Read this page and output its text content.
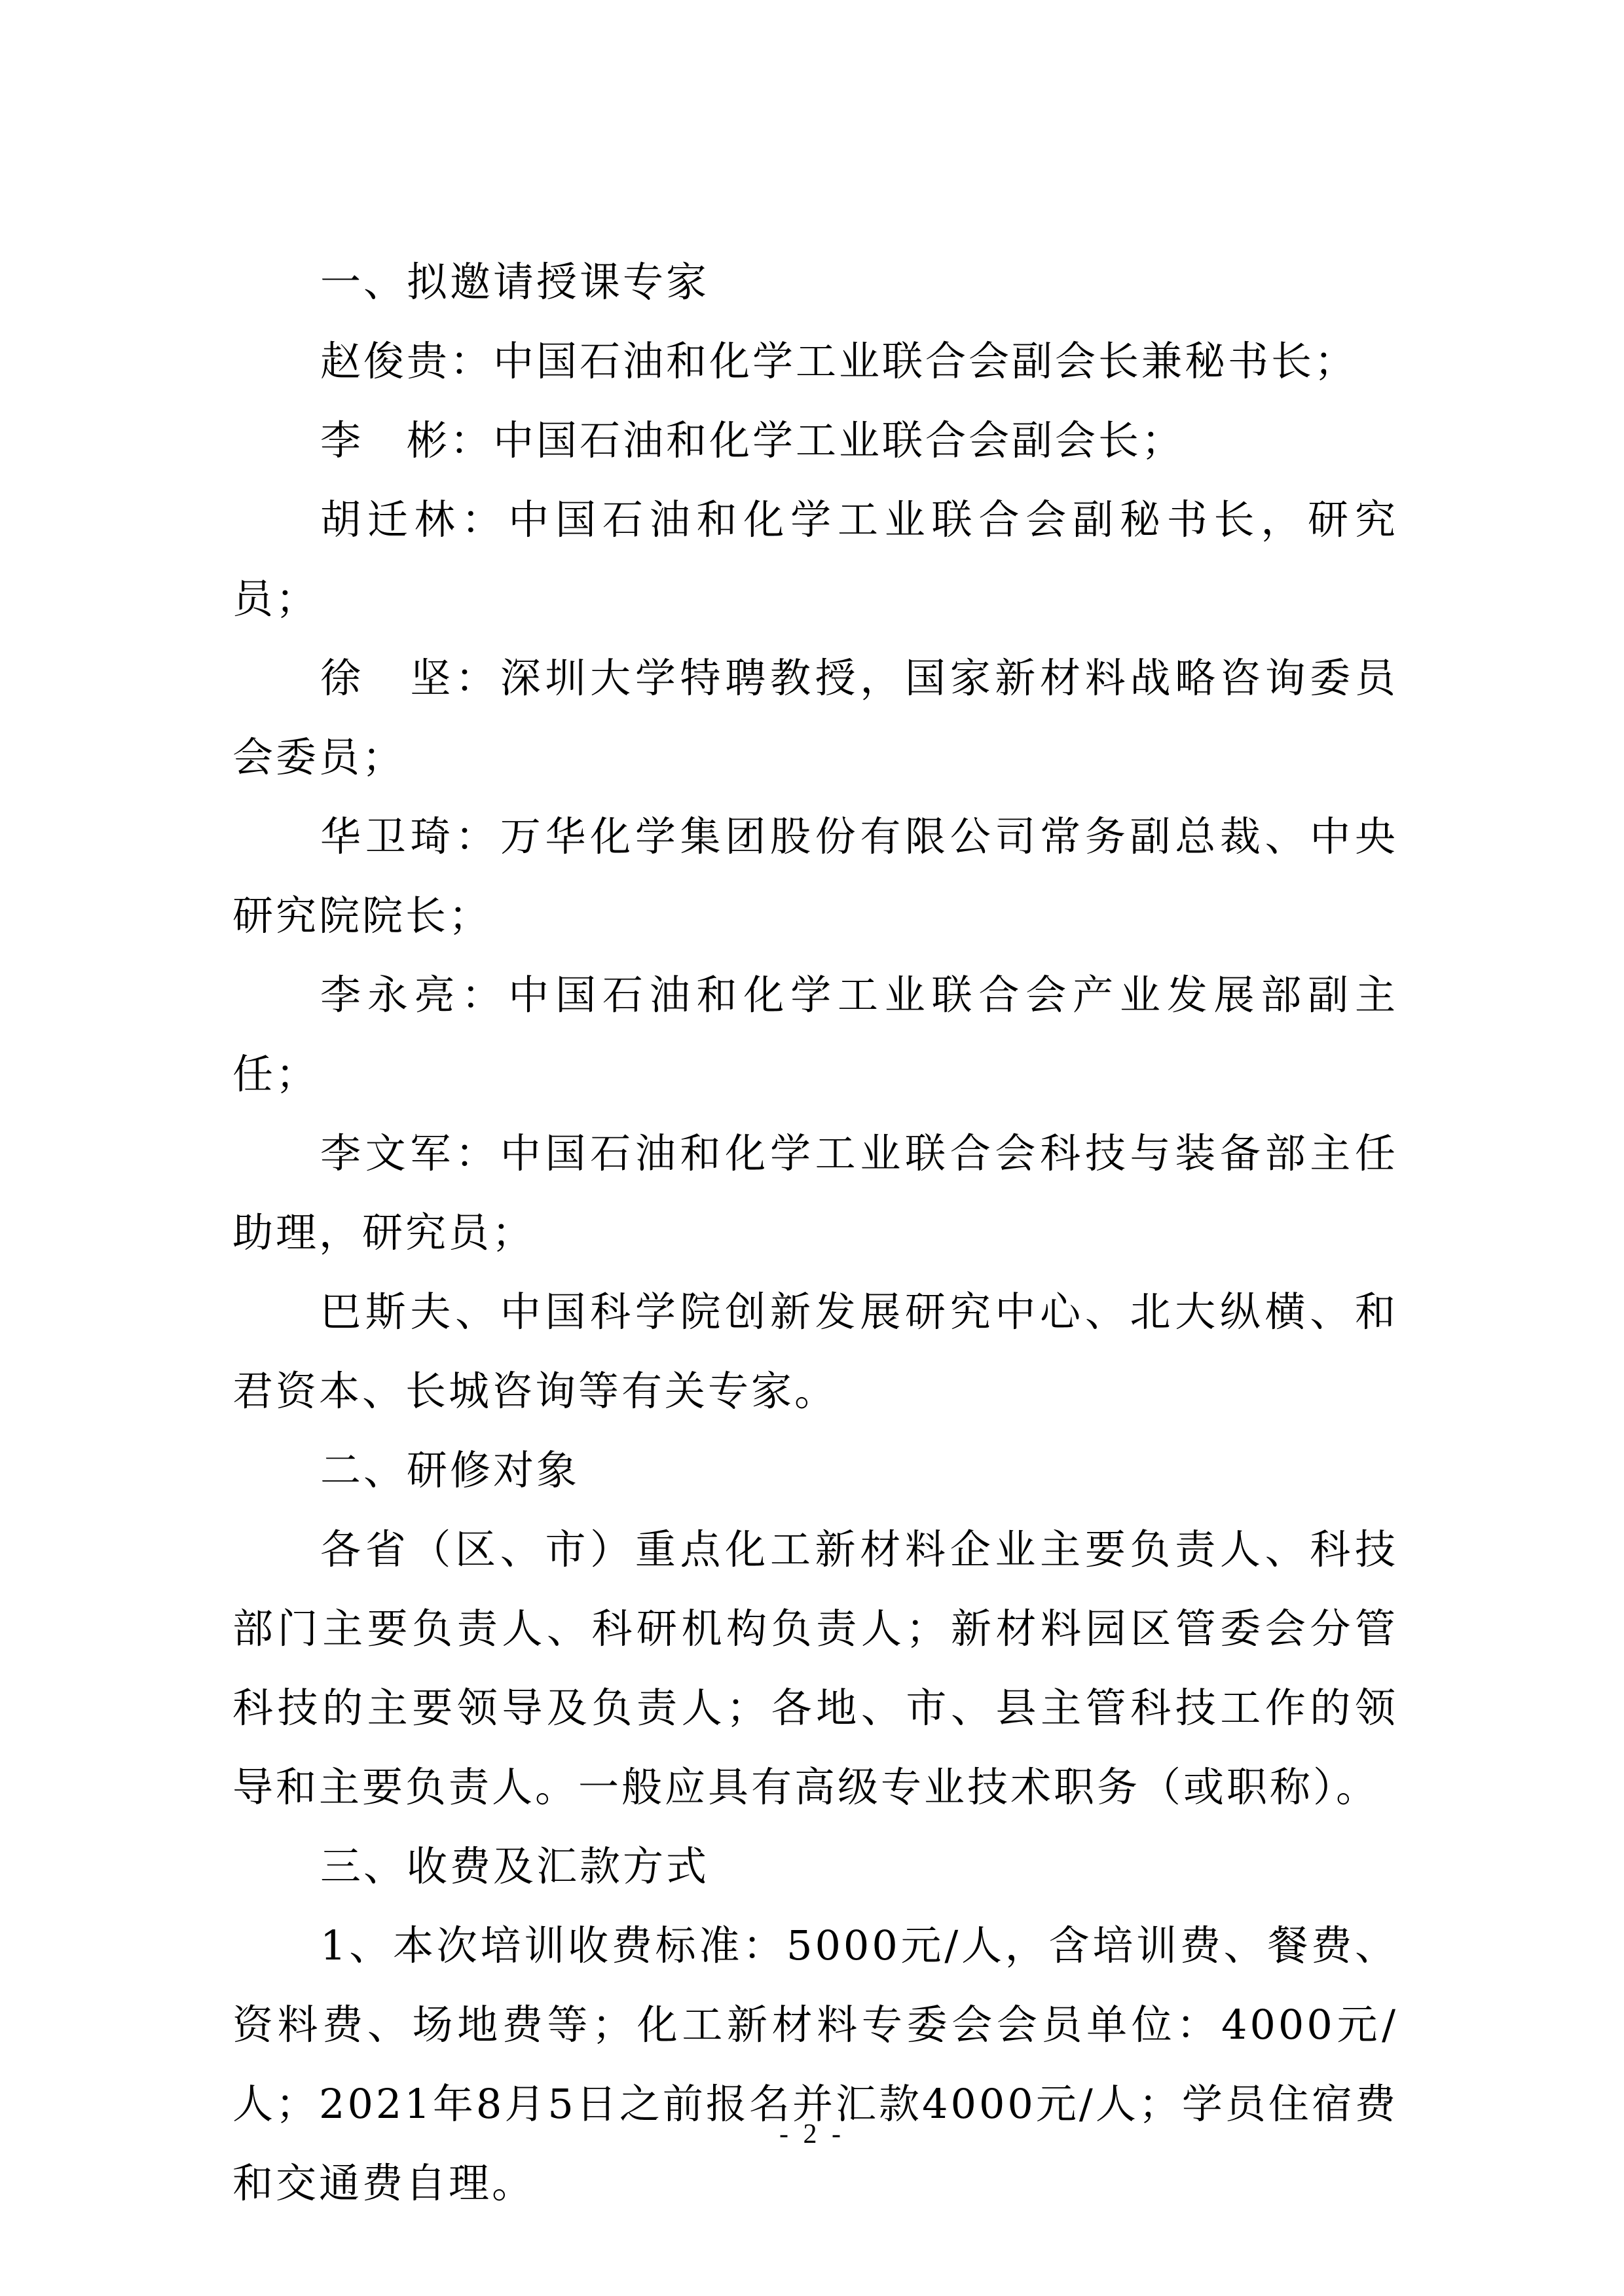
一、拟邀请授课专家

赵俊贵：中国石油和化学工业联合会副会长兼秘书长；

李　彬：中国石油和化学工业联合会副会长；

胡迁林：中国石油和化学工业联合会副秘书长，研究员；

徐　坚：深圳大学特聘教授，国家新材料战略咨询委员会委员；

华卫琦：万华化学集团股份有限公司常务副总裁、中央研究院院长；

李永亮：中国石油和化学工业联合会产业发展部副主任；

李文军：中国石油和化学工业联合会科技与装备部主任助理，研究员；

巴斯夫、中国科学院创新发展研究中心、北大纵横、和君资本、长城咨询等有关专家。

二、研修对象

各省（区、市）重点化工新材料企业主要负责人、科技部门主要负责人、科研机构负责人；新材料园区管委会分管科技的主要领导及负责人；各地、市、县主管科技工作的领导和主要负责人。一般应具有高级专业技术职务（或职称）。

三、收费及汇款方式

1、本次培训收费标准：5000元/人，含培训费、餐费、资料费、场地费等；化工新材料专委会会员单位：4000元/人；2021年8月5日之前报名并汇款4000元/人；学员住宿费和交通费自理。

- 2 -
